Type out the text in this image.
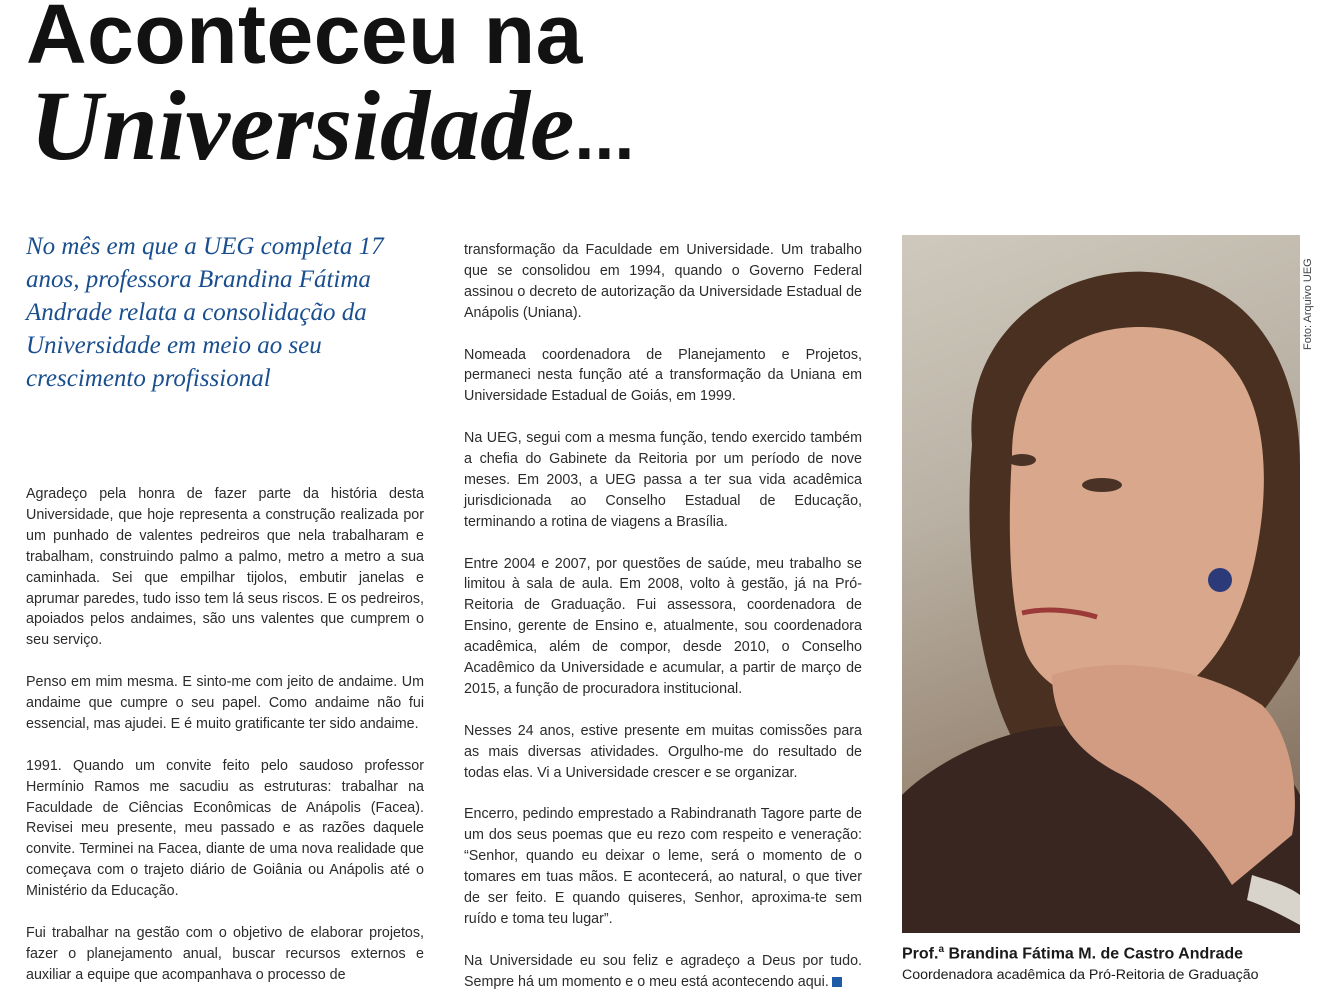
Aconteceu na
Universidade...
No mês em que a UEG completa 17 anos, professora Brandina Fátima Andrade relata a consolidação da Universidade em meio ao seu crescimento profissional

Agradeço pela honra de fazer parte da história desta Universidade, que hoje representa a construção realizada por um punhado de valentes pedreiros que nela trabalharam e trabalham, construindo palmo a palmo, metro a metro a sua caminhada. Sei que empilhar tijolos, embutir janelas e aprumar paredes, tudo isso tem lá seus riscos. E os pedreiros, apoiados pelos andaimes, são uns valentes que cumprem o seu serviço.

Penso em mim mesma. E sinto-me com jeito de andaime. Um andaime que cumpre o seu papel. Como andaime não fui essencial, mas ajudei. E é muito gratificante ter sido andaime.

1991. Quando um convite feito pelo saudoso professor Hermínio Ramos me sacudiu as estruturas: trabalhar na Faculdade de Ciências Econômicas de Anápolis (Facea). Revisei meu presente, meu passado e as razões daquele convite. Terminei na Facea, diante de uma nova realidade que começava com o trajeto diário de Goiânia ou Anápolis até o Ministério da Educação.

Fui trabalhar na gestão com o objetivo de elaborar projetos, fazer o planejamento anual, buscar recursos externos e auxiliar a equipe que acompanhava o processo de

transformação da Faculdade em Universidade. Um trabalho que se consolidou em 1994, quando o Governo Federal assinou o decreto de autorização da Universidade Estadual de Anápolis (Uniana).

Nomeada coordenadora de Planejamento e Projetos, permaneci nesta função até a transformação da Uniana em Universidade Estadual de Goiás, em 1999.

Na UEG, segui com a mesma função, tendo exercido também a chefia do Gabinete da Reitoria por um período de nove meses. Em 2003, a UEG passa a ter sua vida acadêmica jurisdicionada ao Conselho Estadual de Educação, terminando a rotina de viagens a Brasília.

Entre 2004 e 2007, por questões de saúde, meu trabalho se limitou à sala de aula. Em 2008, volto à gestão, já na Pró-Reitoria de Graduação. Fui assessora, coordenadora de Ensino, gerente de Ensino e, atualmente, sou coordenadora acadêmica, além de compor, desde 2010, o Conselho Acadêmico da Universidade e acumular, a partir de março de 2015, a função de procuradora institucional.

Nesses 24 anos, estive presente em muitas comissões para as mais diversas atividades. Orgulho-me do resultado de todas elas. Vi a Universidade crescer e se organizar.

Encerro, pedindo emprestado a Rabindranath Tagore parte de um dos seus poemas que eu rezo com respeito e veneração: “Senhor, quando eu deixar o leme, será o momento de o tomares em tuas mãos. E acontecerá, ao natural, o que tiver de ser feito. E quando quiseres, Senhor, aproxima-te sem ruído e toma teu lugar”.

Na Universidade eu sou feliz e agradeço a Deus por tudo. Sempre há um momento e o meu está acontecendo aqui.

Foto: Arquivo UEG
Prof.$^a$ Brandina Fátima M. de Castro Andrade
Coordenadora acadêmica da Pró-Reitoria de Graduação
